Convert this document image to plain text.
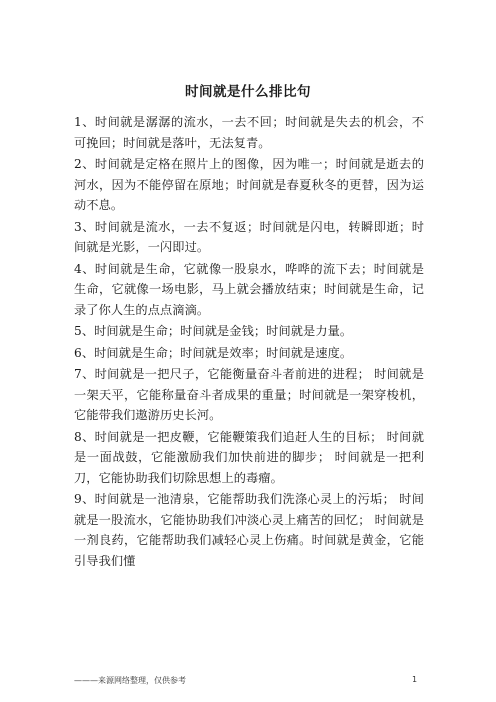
时间就是什么排比句

1、时间就是潺潺的流水，一去不回；时间就是失去的机会，不可挽回；时间就是落叶，无法复青。

2、时间就是定格在照片上的图像，因为唯一；时间就是逝去的河水，因为不能停留在原地；时间就是春夏秋冬的更替，因为运动不息。

3、时间就是流水，一去不复返；时间就是闪电，转瞬即逝；时间就是光影，一闪即过。

4、时间就是生命，它就像一股泉水，哗哗的流下去；时间就是生命，它就像一场电影，马上就会播放结束；时间就是生命，记录了你人生的点点滴滴。

5、时间就是生命；时间就是金钱；时间就是力量。

6、时间就是生命；时间就是效率；时间就是速度。

7、时间就是一把尺子，它能衡量奋斗者前进的进程； 时间就是一架天平，它能称量奋斗者成果的重量；时间就是一架穿梭机，它能带我们遨游历史长河。

8、时间就是一把皮鞭，它能鞭策我们追赶人生的目标； 时间就是一面战鼓，它能激励我们加快前进的脚步； 时间就是一把利刀，它能协助我们切除思想上的毒瘤。

9、时间就是一池清泉，它能帮助我们洗涤心灵上的污垢； 时间就是一股流水，它能协助我们冲淡心灵上痛苦的回忆； 时间就是一剂良药，它能帮助我们减轻心灵上伤痛。时间就是黄金，它能引导我们懂

———来源网络整理，仅供参考	1
